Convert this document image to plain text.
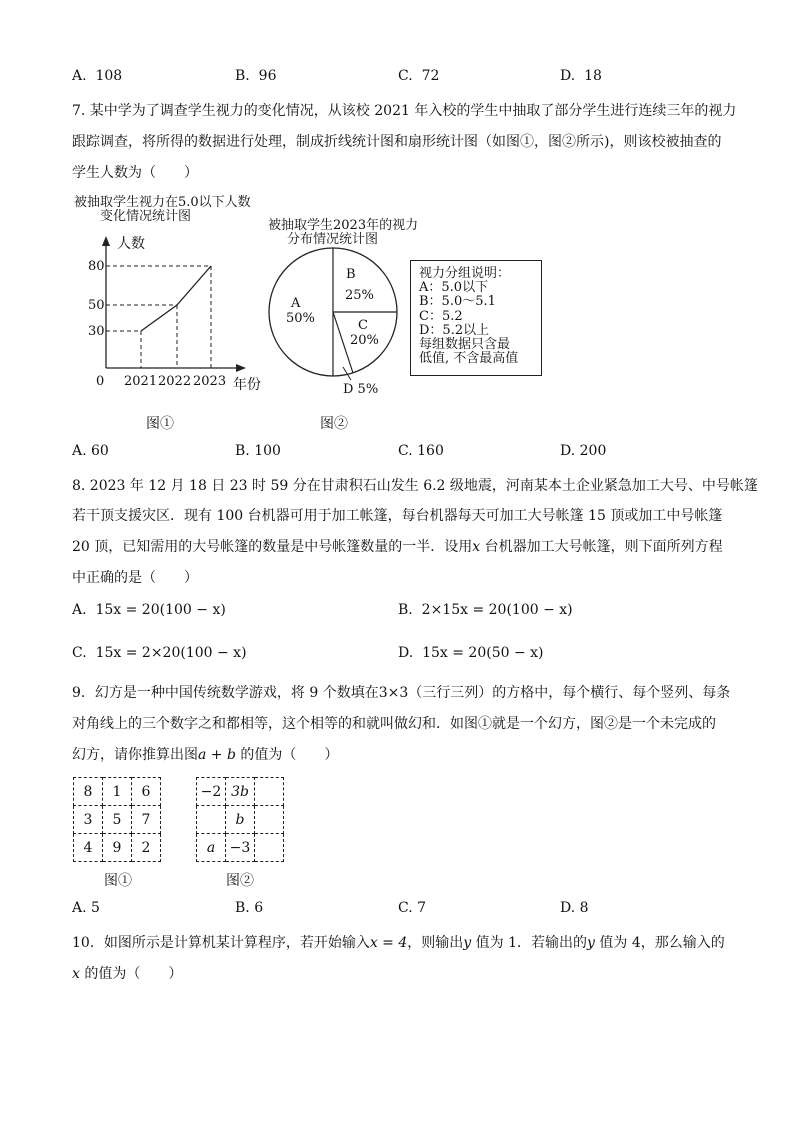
A. 108	B. 96	C. 72	D. 18
7. 某中学为了调查学生视力的变化情况，从该校 2021 年入校的学生中抽取了部分学生进行连续三年的视力
跟踪调查，将所得的数据进行处理，制成折线统计图和扇形统计图（如图①，图②所示)，则该校被抽查的
学生人数为（　　）
被抽取学生视力在5.0以下人数
变化情况统计图
人数
80
50
30
0 2021 2022 2023 年份
图①
被抽取学生2023年的视力
分布情况统计图
A
50%
B
25%
C
20%
D 5%
图②
视力分组说明：
A：5.0以下
B：5.0～5.1
C：5.2
D：5.2以上
每组数据只含最
低值, 不含最高值
A. 60	B. 100	C. 160	D. 200
8. 2023 年 12 月 18 日 23 时 59 分在甘肃积石山发生 6.2 级地震，河南某本土企业紧急加工大号、中号帐篷
若干顶支援灾区．现有 100 台机器可用于加工帐篷，每台机器每天可加工大号帐篷 15 顶或加工中号帐篷
20 顶，已知需用的大号帐篷的数量是中号帐篷数量的一半．设用x 台机器加工大号帐篷，则下面所列方程
中正确的是（　　）
A. 15x = 20(100 − x)	B. 2×15x = 20(100 − x)
C. 15x = 2×20(100 − x)	D. 15x = 20(50 − x)
9．幻方是一种中国传统数学游戏，将 9 个数填在3×3（三行三列）的方格中，每个横行、每个竖列、每条
对角线上的三个数字之和都相等，这个相等的和就叫做幻和．如图①就是一个幻方，图②是一个未完成的
幻方，请你推算出图a + b 的值为（　　）
8	1	6
3	5	7
4	9	2
图①
−2	3b	
	b	
a	−3	
图②
A. 5	B. 6	C. 7	D. 8
10．如图所示是计算机某计算程序，若开始输入x = 4，则输出y 值为 1．若输出的y 值为 4，那么输入的
x 的值为（　　）
